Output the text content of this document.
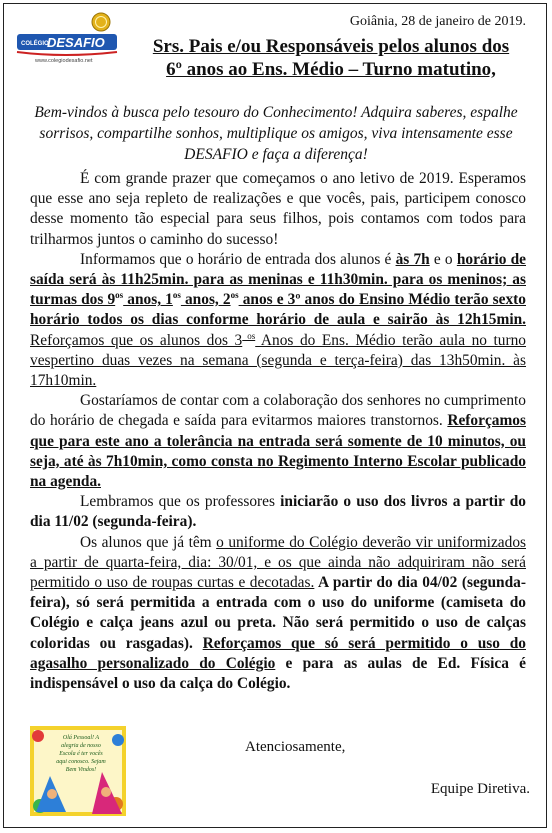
COLÉGIO
DESAFIO
www.colegiodesafio.net
Goiânia, 28 de janeiro de 2019.
Srs. Pais e/ou Responsáveis pelos alunos dos
6º anos ao Ens. Médio – Turno matutino,
Bem-vindos à busca pelo tesouro do Conhecimento! Adquira saberes, espalhe sorrisos, compartilhe sonhos, multiplique os amigos, viva intensamente esse DESAFIO e faça a diferença!

É com grande prazer que começamos o ano letivo de 2019. Esperamos que esse ano seja repleto de realizações e que vocês, pais, participem conosco desse momento tão especial para seus filhos, pois contamos com todos para trilharmos juntos o caminho do sucesso!

Informamos que o horário de entrada dos alunos é às 7h e o horário de saída será às 11h25min. para as meninas e 11h30min. para os meninos; as turmas dos $9^{os}$ anos, $1^{os}$ anos, $2^{os}$ anos e 3º anos do Ensino Médio terão sexto horário todos os dias conforme horário de aula e sairão às 12h15min. Reforçamos que os alunos dos 3 $^{os}$ Anos do Ens. Médio terão aula no turno vespertino duas vezes na semana (segunda e terça-feira) das 13h50min. às 17h10min.

Gostaríamos de contar com a colaboração dos senhores no cumprimento do horário de chegada e saída para evitarmos maiores transtornos. Reforçamos que para este ano a tolerância na entrada será somente de 10 minutos, ou seja, até às 7h10min, como consta no Regimento Interno Escolar publicado na agenda.

Lembramos que os professores iniciarão o uso dos livros a partir do dia 11/02 (segunda-feira).

Os alunos que já têm o uniforme do Colégio deverão vir uniformizados a partir de quarta-feira, dia: 30/01, e os que ainda não adquiriram não será permitido o uso de roupas curtas e decotadas. A partir do dia 04/02 (segunda-feira), só será permitida a entrada com o uso do uniforme (camiseta do Colégio e calça jeans azul ou preta. Não será permitido o uso de calças coloridas ou rasgadas). Reforçamos que só será permitido o uso do agasalho personalizado do Colégio e para as aulas de Ed. Física é indispensável o uso da calça do Colégio.

Olá Pessoal! A alegria de nosso Escola é ter vocês aqui conosco. Sejam Bem Vindos!
Atenciosamente,
Equipe Diretiva.
